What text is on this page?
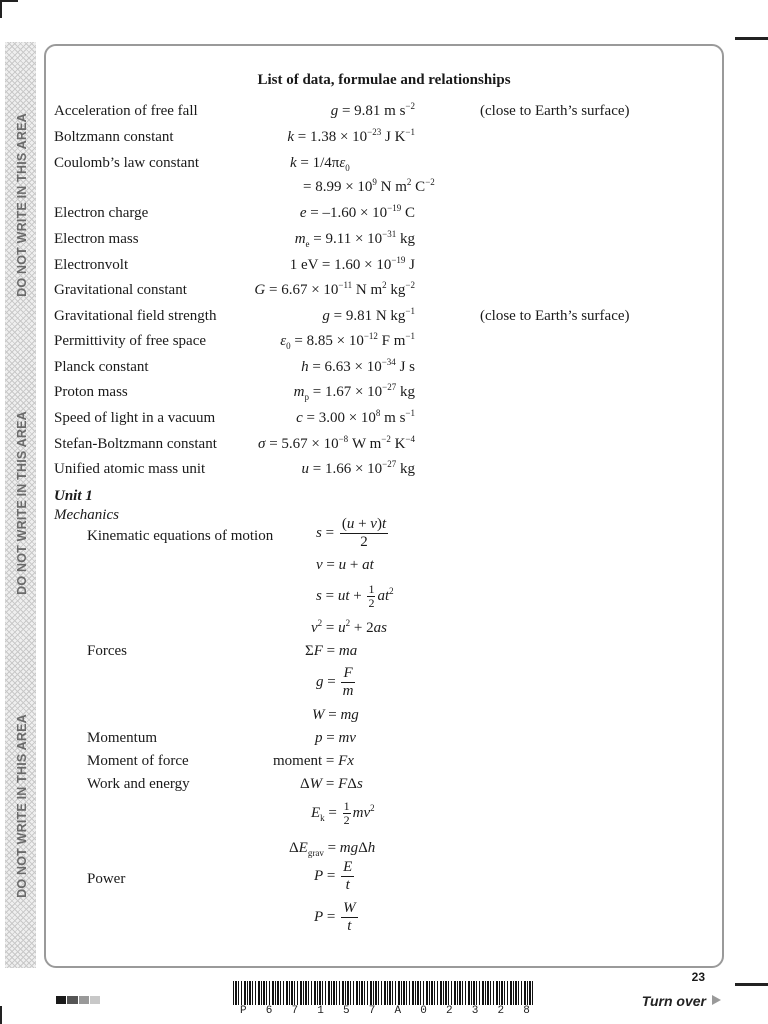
DO NOT WRITE IN THIS AREA
DO NOT WRITE IN THIS AREA
DO NOT WRITE IN THIS AREA
List of data, formulae and relationships
Acceleration of free fall	g = 9.81 m $s^{-2}$	(close to Earth’s surface)
Boltzmann constant	$k = 1.38 \times 10^{-23}$ J $K^{-1}$
Coulomb’s law constant	$k = 1/4\pi\varepsilon_0$
= $8.99 \times 10^9$ N $m^2$ $C^{-2}$
Electron charge	$e = -1.60 \times 10^{-19}$ C
Electron mass	$m_e = 9.11 \times 10^{-31}$ kg
Electronvolt	1 eV = $1.60 \times 10^{-19}$ J
Gravitational constant	$G = 6.67 \times 10^{-11}$ N $m^2$ $kg^{-2}$
Gravitational field strength	g = 9.81 N $kg^{-1}$	(close to Earth’s surface)
Permittivity of free space	$\varepsilon_0 = 8.85 \times 10^{-12}$ F $m^{-1}$
Planck constant	$h = 6.63 \times 10^{-34}$ J s
Proton mass	$m_p = 1.67 \times 10^{-27}$ kg
Speed of light in a vacuum	$c = 3.00 \times 10^8$ m $s^{-1}$
Stefan-Boltzmann constant	$\sigma = 5.67 \times 10^{-8}$ W $m^{-2}$ $K^{-4}$
Unified atomic mass unit	$u = 1.66 \times 10^{-27}$ kg
Unit 1
Mechanics
Kinematic equations of motion	$s = \frac{(u + v)t}{2}$
v = u + at
s = ut + $\frac{1}{2} at^2$
$v^2 = u^2 + 2as$
Forces	ΣF = ma
$g = \frac{F}{m}$
W = mg
Momentum	p = mv
Moment of force	moment = Fx
Work and energy	ΔW = FΔs
$E_k = \frac{1}{2} mv^2$
$\Delta E_{grav} = mg\Delta h$
Power	$P = \frac{E}{t}$
$P = \frac{W}{t}$
23
Turn over
P 6 7 1 5 7 A 0 2 3 2 8
